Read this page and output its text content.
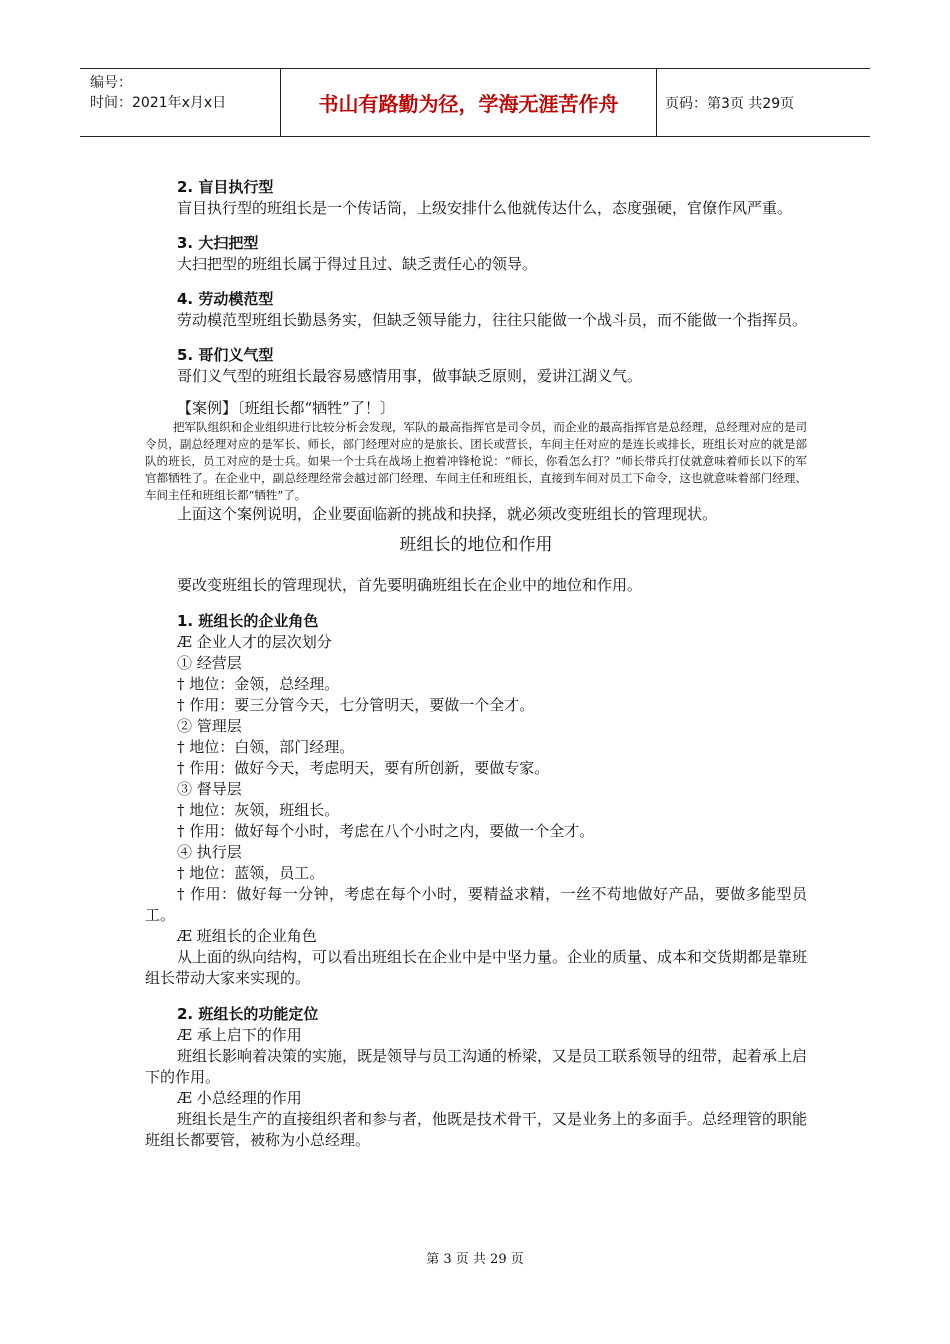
编号：
时间：2021年x月x日	书山有路勤为径，学海无涯苦作舟	页码：第3页 共29页
2. 盲目执行型
盲目执行型的班组长是一个传话筒，上级安排什么他就传达什么，态度强硬，官僚作风严重。
3. 大扫把型
大扫把型的班组长属于得过且过、缺乏责任心的领导。
4. 劳动模范型
劳动模范型班组长勤恳务实，但缺乏领导能力，往往只能做一个战斗员，而不能做一个指挥员。
5. 哥们义气型
哥们义气型的班组长最容易感情用事，做事缺乏原则，爱讲江湖义气。
【案例】〔班组长都“牺牲”了！〕
把军队组织和企业组织进行比较分析会发现，军队的最高指挥官是司令员，而企业的最高指挥官是总经理，总经理对应的是司令员，副总经理对应的是军长、师长，部门经理对应的是旅长、团长或营长，车间主任对应的是连长或排长，班组长对应的就是部队的班长，员工对应的是士兵。如果一个士兵在战场上抱着冲锋枪说：“师长，你看怎么打？”师长带兵打仗就意味着师长以下的军官都牺牲了。在企业中，副总经理经常会越过部门经理、车间主任和班组长，直接到车间对员工下命令，这也就意味着部门经理、车间主任和班组长都“牺牲”了。
上面这个案例说明，企业要面临新的挑战和抉择，就必须改变班组长的管理现状。
班组长的地位和作用
要改变班组长的管理现状，首先要明确班组长在企业中的地位和作用。
1. 班组长的企业角色
Æ 企业人才的层次划分
① 经营层
† 地位：金领，总经理。
† 作用：要三分管今天，七分管明天，要做一个全才。
② 管理层
† 地位：白领，部门经理。
† 作用：做好今天，考虑明天，要有所创新，要做专家。
③ 督导层
† 地位：灰领，班组长。
† 作用：做好每个小时，考虑在八个小时之内，要做一个全才。
④ 执行层
† 地位：蓝领，员工。
† 作用：做好每一分钟，考虑在每个小时，要精益求精，一丝不苟地做好产品，要做多能型员工。
Æ 班组长的企业角色
从上面的纵向结构，可以看出班组长在企业中是中坚力量。企业的质量、成本和交货期都是靠班组长带动大家来实现的。
2. 班组长的功能定位
Æ 承上启下的作用
班组长影响着决策的实施，既是领导与员工沟通的桥梁，又是员工联系领导的纽带，起着承上启下的作用。
Æ 小总经理的作用
班组长是生产的直接组织者和参与者，他既是技术骨干，又是业务上的多面手。总经理管的职能班组长都要管，被称为小总经理。
第 3 页 共 29 页
